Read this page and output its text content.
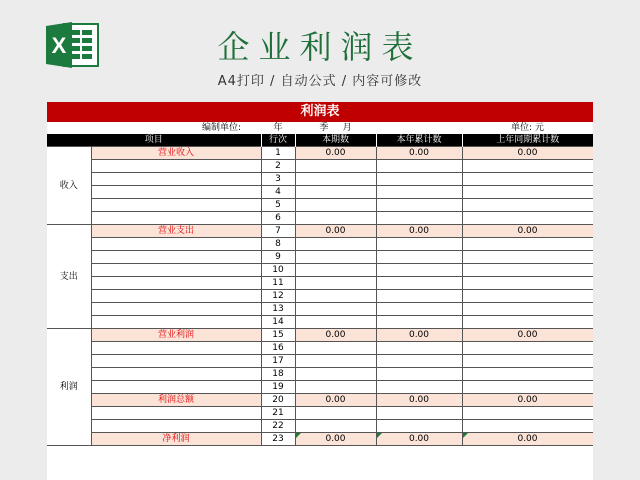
X	企业利润表
A4打印 / 自动公式 / 内容可修改
利润表
	编制单位:	年	季 月		单位: 元
项目		行次	本期数	本年累计数	上年同期累计数
收入	营业收入	1	0.00	0.00	0.00
		2			
		3			
		4			
		5			
		6			
支出	营业支出	7	0.00	0.00	0.00
		8			
		9			
		10			
		11			
		12			
		13			
		14			
利润	营业利润	15	0.00	0.00	0.00
		16			
		17			
		18			
		19			
	利润总额	20	0.00	0.00	0.00
		21			
		22			
	净利润	23	0.00	0.00	0.00
